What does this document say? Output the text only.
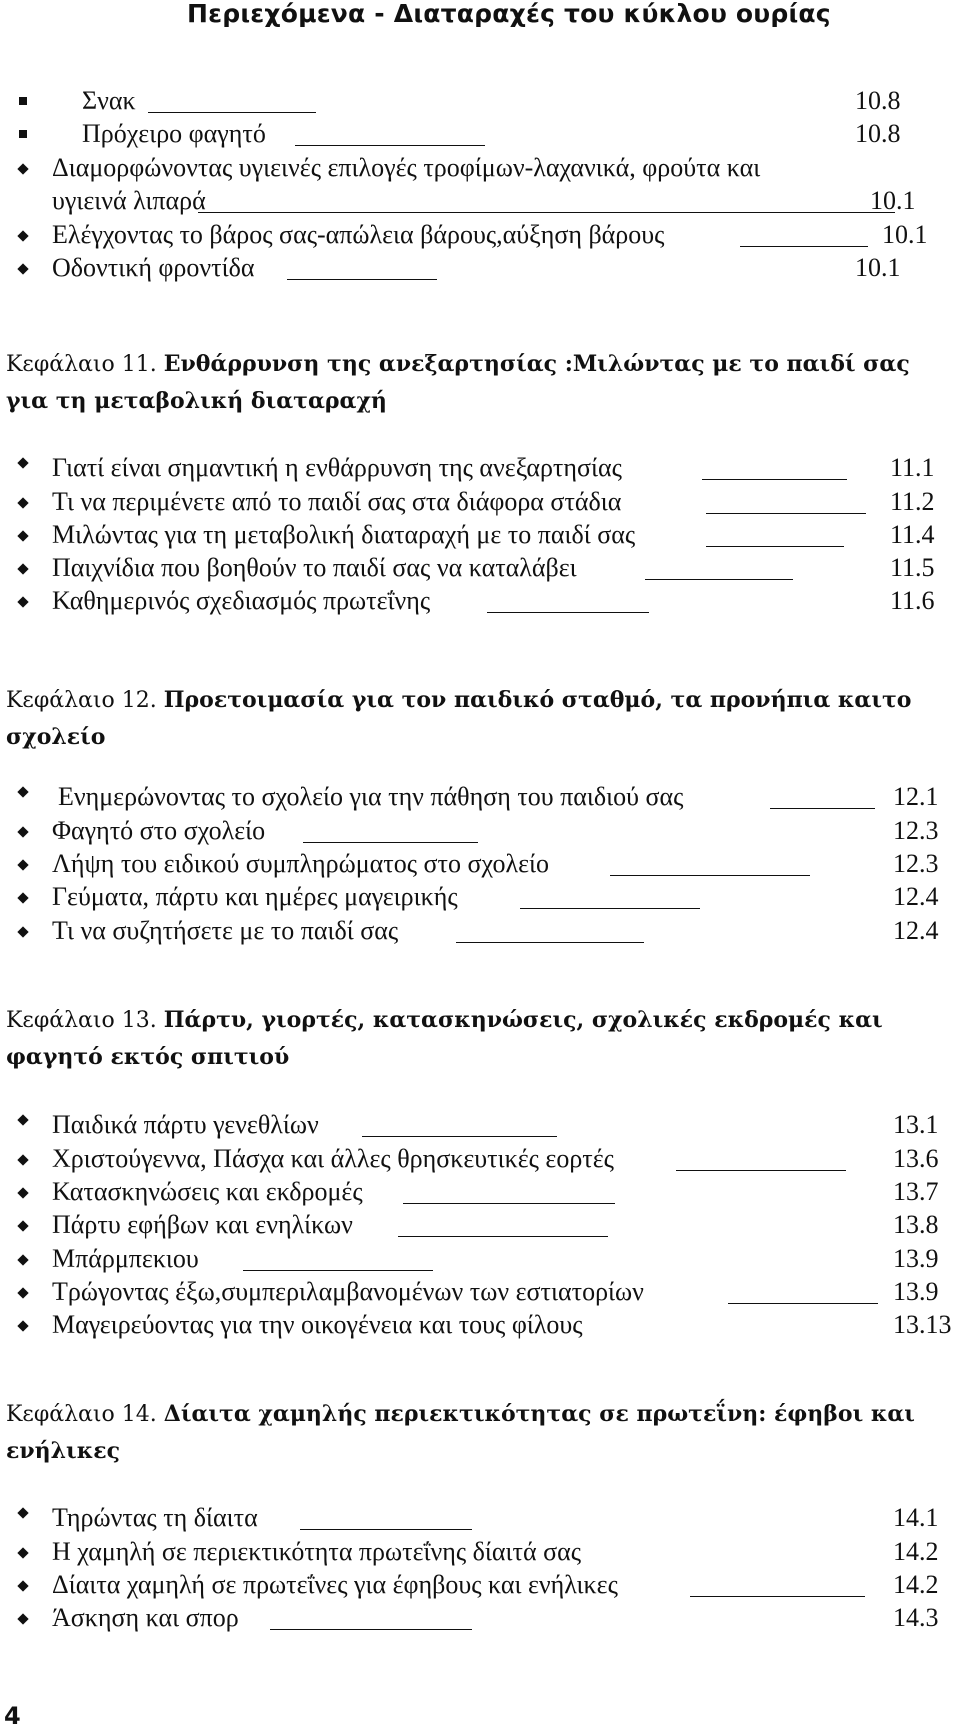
Περιεχόμενα - Διαταραχές του κύκλου ουρίας
Σνακ	10.8
Πρόχειρο φαγητό	10.8
Διαμορφώνοντας υγιεινές επιλογές τροφίμων-λαχανικά, φρούτα και
υγιεινά λιπαρά	10.1
Ελέγχοντας το βάρος σας-απώλεια βάρους,αύξηση βάρους	10.1
Οδοντική φροντίδα	10.1
Κεφάλαιο 11. Ενθάρρυνση της ανεξαρτησίας :Μιλώντας με το παιδί σας για τη μεταβολική διαταραχή
Γιατί είναι σημαντική η ενθάρρυνση της ανεξαρτησίας	11.1
Τι να περιμένετε από το παιδί σας στα διάφορα στάδια	11.2
Μιλώντας για τη μεταβολική διαταραχή με το παιδί σας	11.4
Παιχνίδια που βοηθούν το παιδί σας να καταλάβει	11.5
Καθημερινός σχεδιασμός πρωτεΐνης	11.6
Κεφάλαιο 12. Προετοιμασία για τον παιδικό σταθμό, τα προνήπια καιτο σχολείο
Ενημερώνοντας το σχολείο για την πάθηση του παιδιού σας	12.1
Φαγητό στο σχολείο	12.3
Λήψη του ειδικού συμπληρώματος στο σχολείο	12.3
Γεύματα, πάρτυ και ημέρες μαγειρικής	12.4
Τι να συζητήσετε με το παιδί σας	12.4
Κεφάλαιο 13. Πάρτυ, γιορτές, κατασκηνώσεις, σχολικές εκδρομές και φαγητό εκτός σπιτιού
Παιδικά πάρτυ γενεθλίων	13.1
Χριστούγεννα, Πάσχα και άλλες θρησκευτικές εορτές	13.6
Κατασκηνώσεις και εκδρομές	13.7
Πάρτυ εφήβων και ενηλίκων	13.8
Μπάρμπεκιου	13.9
Τρώγοντας έξω,συμπεριλαμβανομένων των εστιατορίων	13.9
Μαγειρεύοντας για την οικογένεια και τους φίλους	13.13
Κεφάλαιο 14. Δίαιτα χαμηλής περιεκτικότητας σε πρωτεΐνη: έφηβοι και ενήλικες
Τηρώντας τη δίαιτα	14.1
Η χαμηλή σε περιεκτικότητα πρωτεΐνης δίαιτά σας	14.2
Δίαιτα χαμηλή σε πρωτεΐνες για έφηβους και ενήλικες	14.2
Άσκηση και σπορ	14.3
4
